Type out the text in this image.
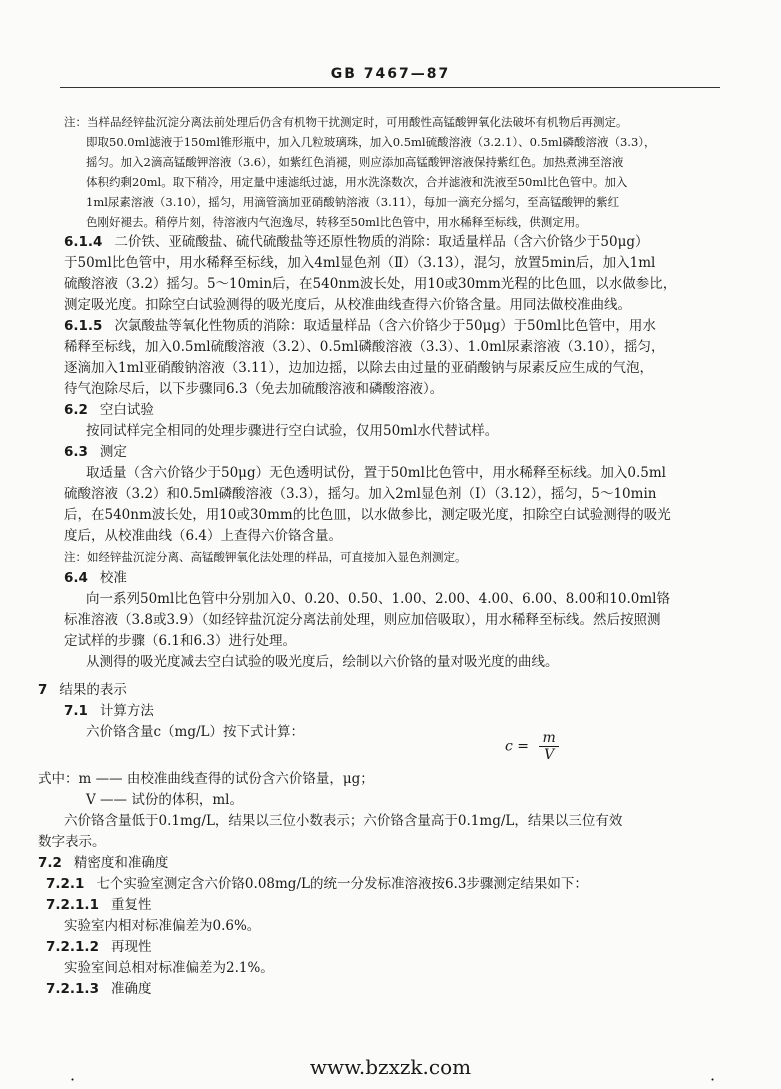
GB 7467—87
注：当样品经锌盐沉淀分离法前处理后仍含有机物干扰测定时，可用酸性高锰酸钾氧化法破坏有机物后再测定。
即取50.0ml滤液于150ml锥形瓶中，加入几粒玻璃珠，加入0.5ml硫酸溶液（3.2.1）、0.5ml磷酸溶液（3.3），
摇匀。加入2滴高锰酸钾溶液（3.6），如紫红色消褪，则应添加高锰酸钾溶液保持紫红色。加热煮沸至溶液
体积约剩20ml。取下稍冷，用定量中速滤纸过滤，用水洗涤数次，合并滤液和洗液至50ml比色管中。加入
1ml尿素溶液（3.10），摇匀，用滴管滴加亚硝酸钠溶液（3.11），每加一滴充分摇匀，至高锰酸钾的紫红
色刚好褪去。稍停片刻，待溶液内气泡逸尽，转移至50ml比色管中，用水稀释至标线，供测定用。
6.1.4 二价铁、亚硫酸盐、硫代硫酸盐等还原性物质的消除：取适量样品（含六价铬少于50μg）
于50ml比色管中，用水稀释至标线，加入4ml显色剂（Ⅱ）（3.13），混匀，放置5min后，加入1ml
硫酸溶液（3.2）摇匀。5～10min后，在540nm波长处，用10或30mm光程的比色皿，以水做参比，
测定吸光度。扣除空白试验测得的吸光度后，从校准曲线查得六价铬含量。用同法做校准曲线。
6.1.5 次氯酸盐等氧化性物质的消除：取适量样品（含六价铬少于50μg）于50ml比色管中，用水
稀释至标线，加入0.5ml硫酸溶液（3.2）、0.5ml磷酸溶液（3.3）、1.0ml尿素溶液（3.10），摇匀，
逐滴加入1ml亚硝酸钠溶液（3.11），边加边摇，以除去由过量的亚硝酸钠与尿素反应生成的气泡，
待气泡除尽后，以下步骤同6.3（免去加硫酸溶液和磷酸溶液）。
6.2 空白试验
按同试样完全相同的处理步骤进行空白试验，仅用50ml水代替试样。
6.3 测定
取适量（含六价铬少于50μg）无色透明试份，置于50ml比色管中，用水稀释至标线。加入0.5ml
硫酸溶液（3.2）和0.5ml磷酸溶液（3.3），摇匀。加入2ml显色剂（Ⅰ）（3.12），摇匀，5～10min
后，在540nm波长处，用10或30mm的比色皿，以水做参比，测定吸光度，扣除空白试验测得的吸光
度后，从校准曲线（6.4）上查得六价铬含量。
注：如经锌盐沉淀分离、高锰酸钾氧化法处理的样品，可直接加入显色剂测定。
6.4 校准
向一系列50ml比色管中分别加入0、0.20、0.50、1.00、2.00、4.00、6.00、8.00和10.0ml铬
标准溶液（3.8或3.9）（如经锌盐沉淀分离法前处理，则应加倍吸取），用水稀释至标线。然后按照测
定试样的步骤（6.1和6.3）进行处理。
从测得的吸光度减去空白试验的吸光度后，绘制以六价铬的量对吸光度的曲线。
7 结果的表示
7.1 计算方法
六价铬含量c（mg/L）按下式计算：
式中：m —— 由校准曲线查得的试份含六价铬量，μg；
V —— 试份的体积，ml。
六价铬含量低于0.1mg/L，结果以三位小数表示；六价铬含量高于0.1mg/L，结果以三位有效
数字表示。
7.2 精密度和准确度
7.2.1 七个实验室测定含六价铬0.08mg/L的统一分发标准溶液按6.3步骤测定结果如下：
7.2.1.1 重复性
实验室内相对标准偏差为0.6%。
7.2.1.2 再现性
实验室间总相对标准偏差为2.1%。
7.2.1.3 准确度
$c = \frac{m}{V}$
www.bzxzk.com
·	·
